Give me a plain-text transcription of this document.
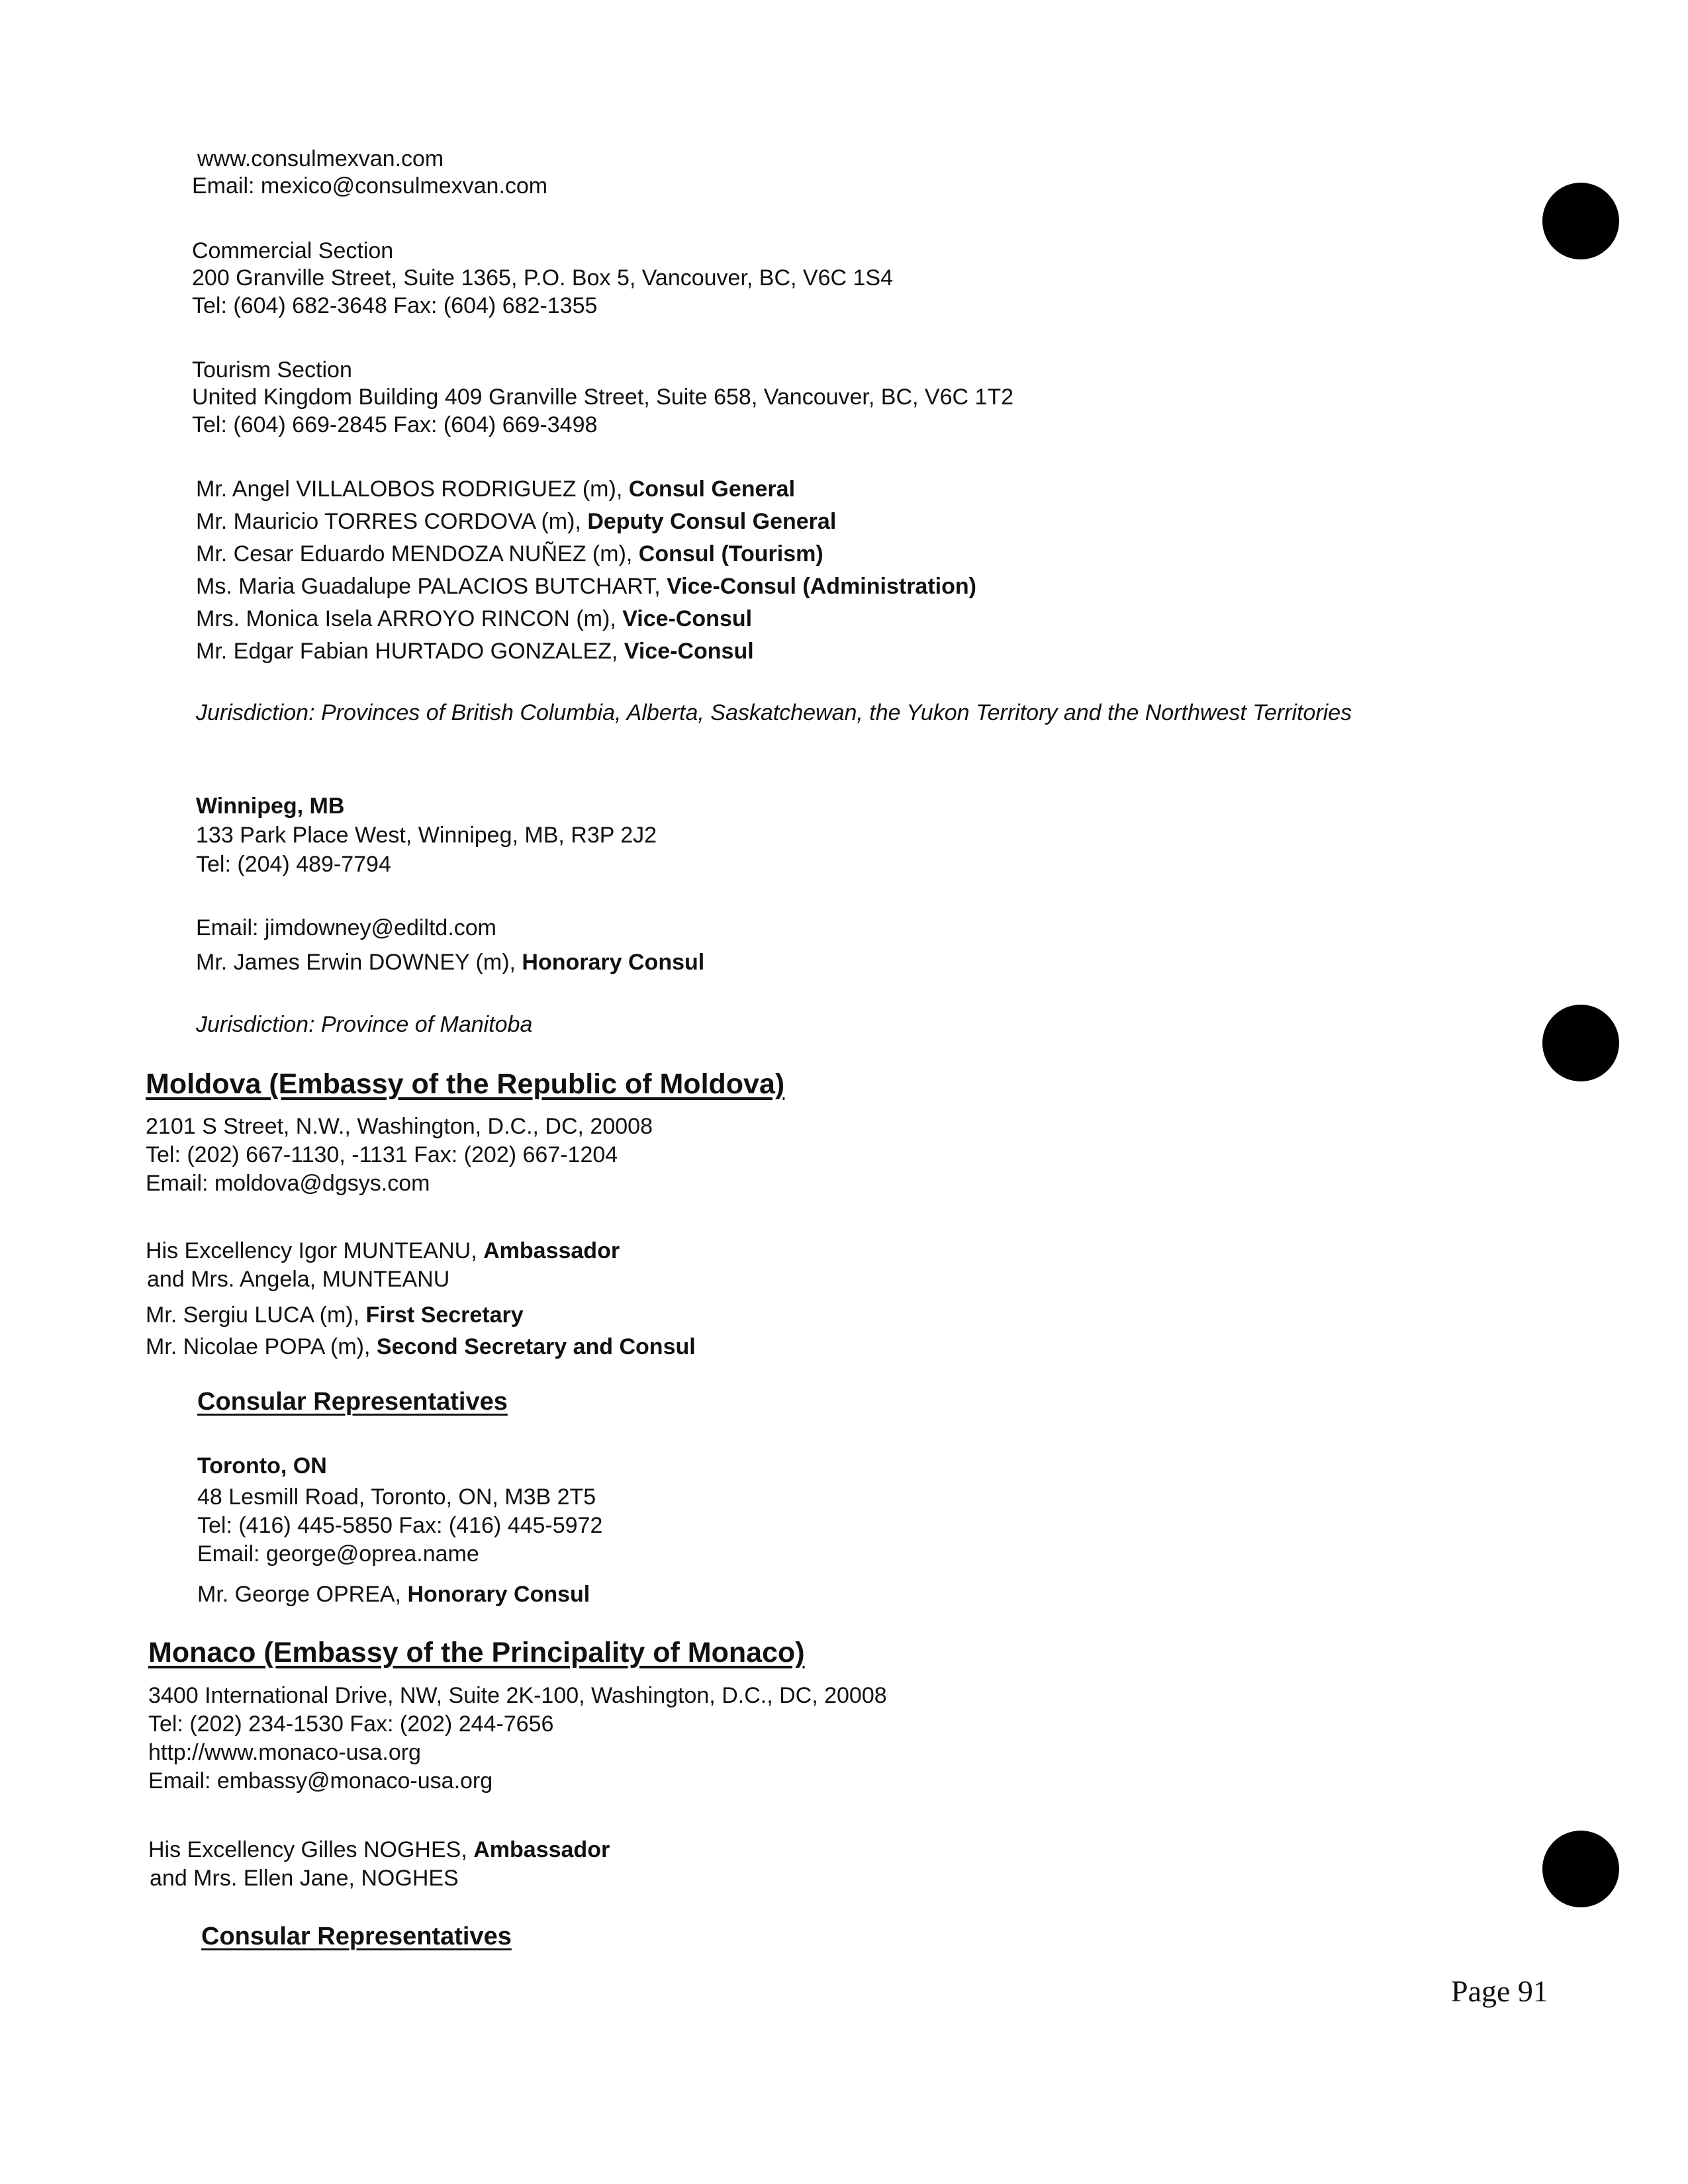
www.consulmexvan.com
Email: mexico@consulmexvan.com
Commercial Section
200 Granville Street, Suite 1365, P.O. Box 5, Vancouver, BC, V6C 1S4
Tel: (604) 682-3648 Fax: (604) 682-1355
Tourism Section
United Kingdom Building 409 Granville Street, Suite 658, Vancouver, BC, V6C 1T2
Tel: (604) 669-2845 Fax: (604) 669-3498
Mr. Angel VILLALOBOS RODRIGUEZ (m), Consul General
Mr. Mauricio TORRES CORDOVA (m), Deputy Consul General
Mr. Cesar Eduardo MENDOZA NUÑEZ (m), Consul (Tourism)
Ms. Maria Guadalupe PALACIOS BUTCHART, Vice-Consul (Administration)
Mrs. Monica Isela ARROYO RINCON (m), Vice-Consul
Mr. Edgar Fabian HURTADO GONZALEZ, Vice-Consul
Jurisdiction: Provinces of British Columbia, Alberta, Saskatchewan, the Yukon Territory and the Northwest Territories
Winnipeg, MB
133 Park Place West, Winnipeg, MB, R3P 2J2
Tel: (204) 489-7794
Email: jimdowney@ediltd.com
Mr. James Erwin DOWNEY (m), Honorary Consul
Jurisdiction: Province of Manitoba
Moldova (Embassy of the Republic of Moldova)
2101 S Street, N.W., Washington, D.C., DC, 20008
Tel: (202) 667-1130, -1131 Fax: (202) 667-1204
Email: moldova@dgsys.com
His Excellency Igor MUNTEANU, Ambassador
and Mrs. Angela, MUNTEANU
Mr. Sergiu LUCA (m), First Secretary
Mr. Nicolae POPA (m), Second Secretary and Consul
Consular Representatives
Toronto, ON
48 Lesmill Road, Toronto, ON, M3B 2T5
Tel: (416) 445-5850 Fax: (416) 445-5972
Email: george@oprea.name
Mr. George OPREA, Honorary Consul
Monaco (Embassy of the Principality of Monaco)
3400 International Drive, NW, Suite 2K-100, Washington, D.C., DC, 20008
Tel: (202) 234-1530 Fax: (202) 244-7656
http://www.monaco-usa.org
Email: embassy@monaco-usa.org
His Excellency Gilles NOGHES, Ambassador
and Mrs. Ellen Jane, NOGHES
Consular Representatives
Page 91
